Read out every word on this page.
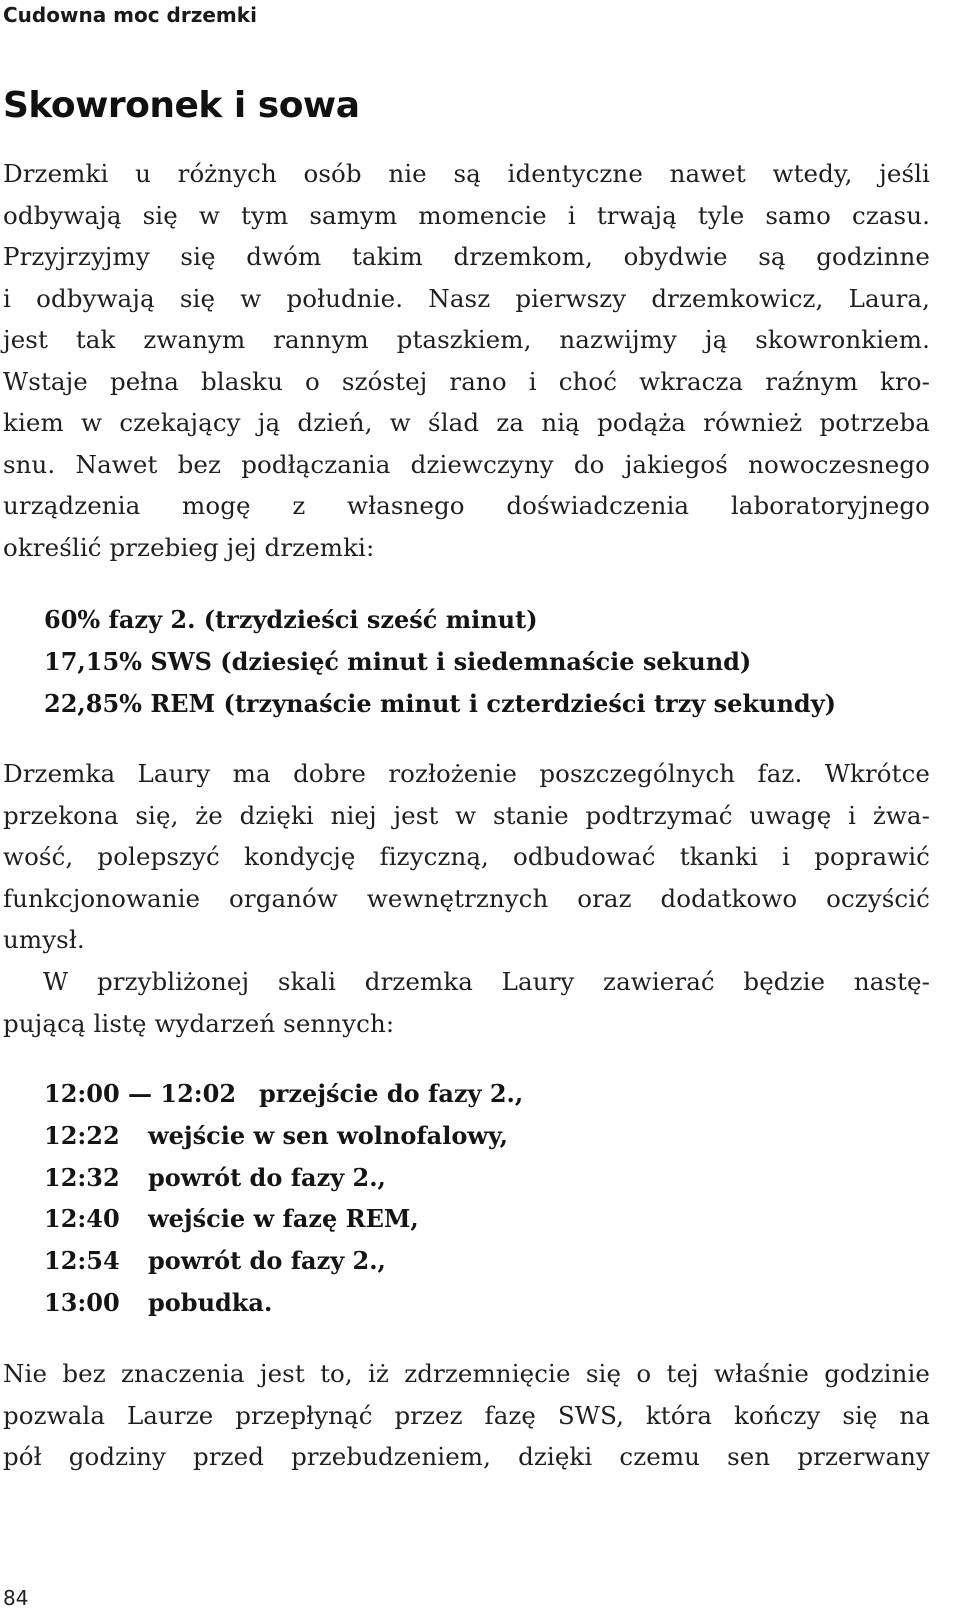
Cudowna moc drzemki
Skowronek i sowa
Drzemki u różnych osób nie są identyczne nawet wtedy, jeśli
odbywają się w tym samym momencie i trwają tyle samo czasu.
Przyjrzyjmy się dwóm takim drzemkom, obydwie są godzinne
i odbywają się w południe. Nasz pierwszy drzemkowicz, Laura,
jest tak zwanym rannym ptaszkiem, nazwijmy ją skowronkiem.
Wstaje pełna blasku o szóstej rano i choć wkracza raźnym kro-
kiem w czekający ją dzień, w ślad za nią podąża również potrzeba
snu. Nawet bez podłączania dziewczyny do jakiegoś nowoczesnego
urządzenia mogę z własnego doświadczenia laboratoryjnego
określić przebieg jej drzemki:
60% fazy 2. (trzydzieści sześć minut)
17,15% SWS (dziesięć minut i siedemnaście sekund)
22,85% REM (trzynaście minut i czterdzieści trzy sekundy)
Drzemka Laury ma dobre rozłożenie poszczególnych faz. Wkrótce
przekona się, że dzięki niej jest w stanie podtrzymać uwagę i żwa-
wość, polepszyć kondycję fizyczną, odbudować tkanki i poprawić
funkcjonowanie organów wewnętrznych oraz dodatkowo oczyścić
umysł.
W przybliżonej skali drzemka Laury zawierać będzie nastę-
pującą listę wydarzeń sennych:
12:00 — 12:02 przejście do fazy 2.,
12:22 wejście w sen wolnofalowy,
12:32 powrót do fazy 2.,
12:40 wejście w fazę REM,
12:54 powrót do fazy 2.,
13:00 pobudka.
Nie bez znaczenia jest to, iż zdrzemnięcie się o tej właśnie godzinie
pozwala Laurze przepłynąć przez fazę SWS, która kończy się na
pół godziny przed przebudzeniem, dzięki czemu sen przerwany
84
